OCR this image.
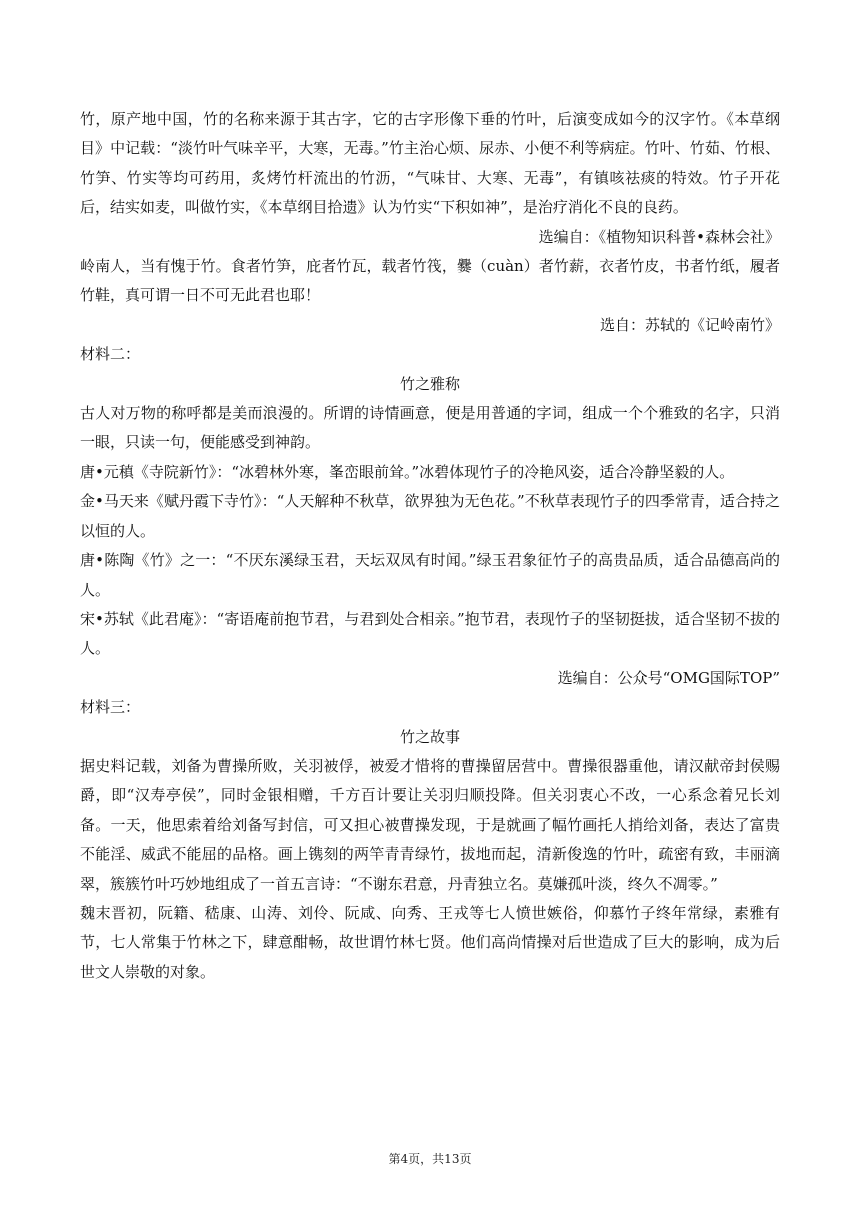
竹，原产地中国，竹的名称来源于其古字，它的古字形像下垂的竹叶，后演变成如今的汉字竹。《本草纲目》中记载：“淡竹叶气味辛平，大寒，无毒。”竹主治心烦、尿赤、小便不利等病症。竹叶、竹茹、竹根、竹笋、竹实等均可药用，炙烤竹杆流出的竹沥，“气味甘、大寒、无毒”，有镇咳祛痰的特效。竹子开花后，结实如麦，叫做竹实，《本草纲目拾遗》认为竹实“下积如神”，是治疗消化不良的良药。

选编自：《植物知识科普•森林会社》

岭南人，当有愧于竹。食者竹笋，庇者竹瓦，载者竹筏，爨（cuàn）者竹薪，衣者竹皮，书者竹纸，履者竹鞋，真可谓一日不可无此君也耶！

选自：苏轼的《记岭南竹》

材料二：

竹之雅称

古人对万物的称呼都是美而浪漫的。所谓的诗情画意，便是用普通的字词，组成一个个雅致的名字，只消一眼，只读一句，便能感受到神韵。

唐•元稹《寺院新竹》：“冰碧林外寒，峯峦眼前耸。”冰碧体现竹子的冷艳风姿，适合冷静坚毅的人。

金•马天来《赋丹霞下寺竹》：“人天解种不秋草，欲界独为无色花。”不秋草表现竹子的四季常青，适合持之以恒的人。

唐•陈陶《竹》之一：“不厌东溪绿玉君，天坛双凤有时闻。”绿玉君象征竹子的高贵品质，适合品德高尚的人。

宋•苏轼《此君庵》：“寄语庵前抱节君，与君到处合相亲。”抱节君，表现竹子的坚韧挺拔，适合坚韧不拔的人。

选编自：公众号“OMG国际TOP”

材料三：

竹之故事

据史料记载，刘备为曹操所败，关羽被俘，被爱才惜将的曹操留居营中。曹操很器重他，请汉献帝封侯赐爵，即“汉寿亭侯”，同时金银相赠，千方百计要让关羽归顺投降。但关羽衷心不改，一心系念着兄长刘备。一天，他思索着给刘备写封信，可又担心被曹操发现，于是就画了幅竹画托人捎给刘备，表达了富贵不能淫、威武不能屈的品格。画上镌刻的两竿青青绿竹，拔地而起，清新俊逸的竹叶，疏密有致，丰丽滴翠，簇簇竹叶巧妙地组成了一首五言诗：“不谢东君意，丹青独立名。莫嫌孤叶淡，终久不凋零。”

魏末晋初，阮籍、嵇康、山涛、刘伶、阮咸、向秀、王戎等七人愤世嫉俗，仰慕竹子终年常绿，素雅有节，七人常集于竹林之下，肆意酣畅，故世谓竹林七贤。他们高尚情操对后世造成了巨大的影响，成为后世文人崇敬的对象。

第4页，共13页
